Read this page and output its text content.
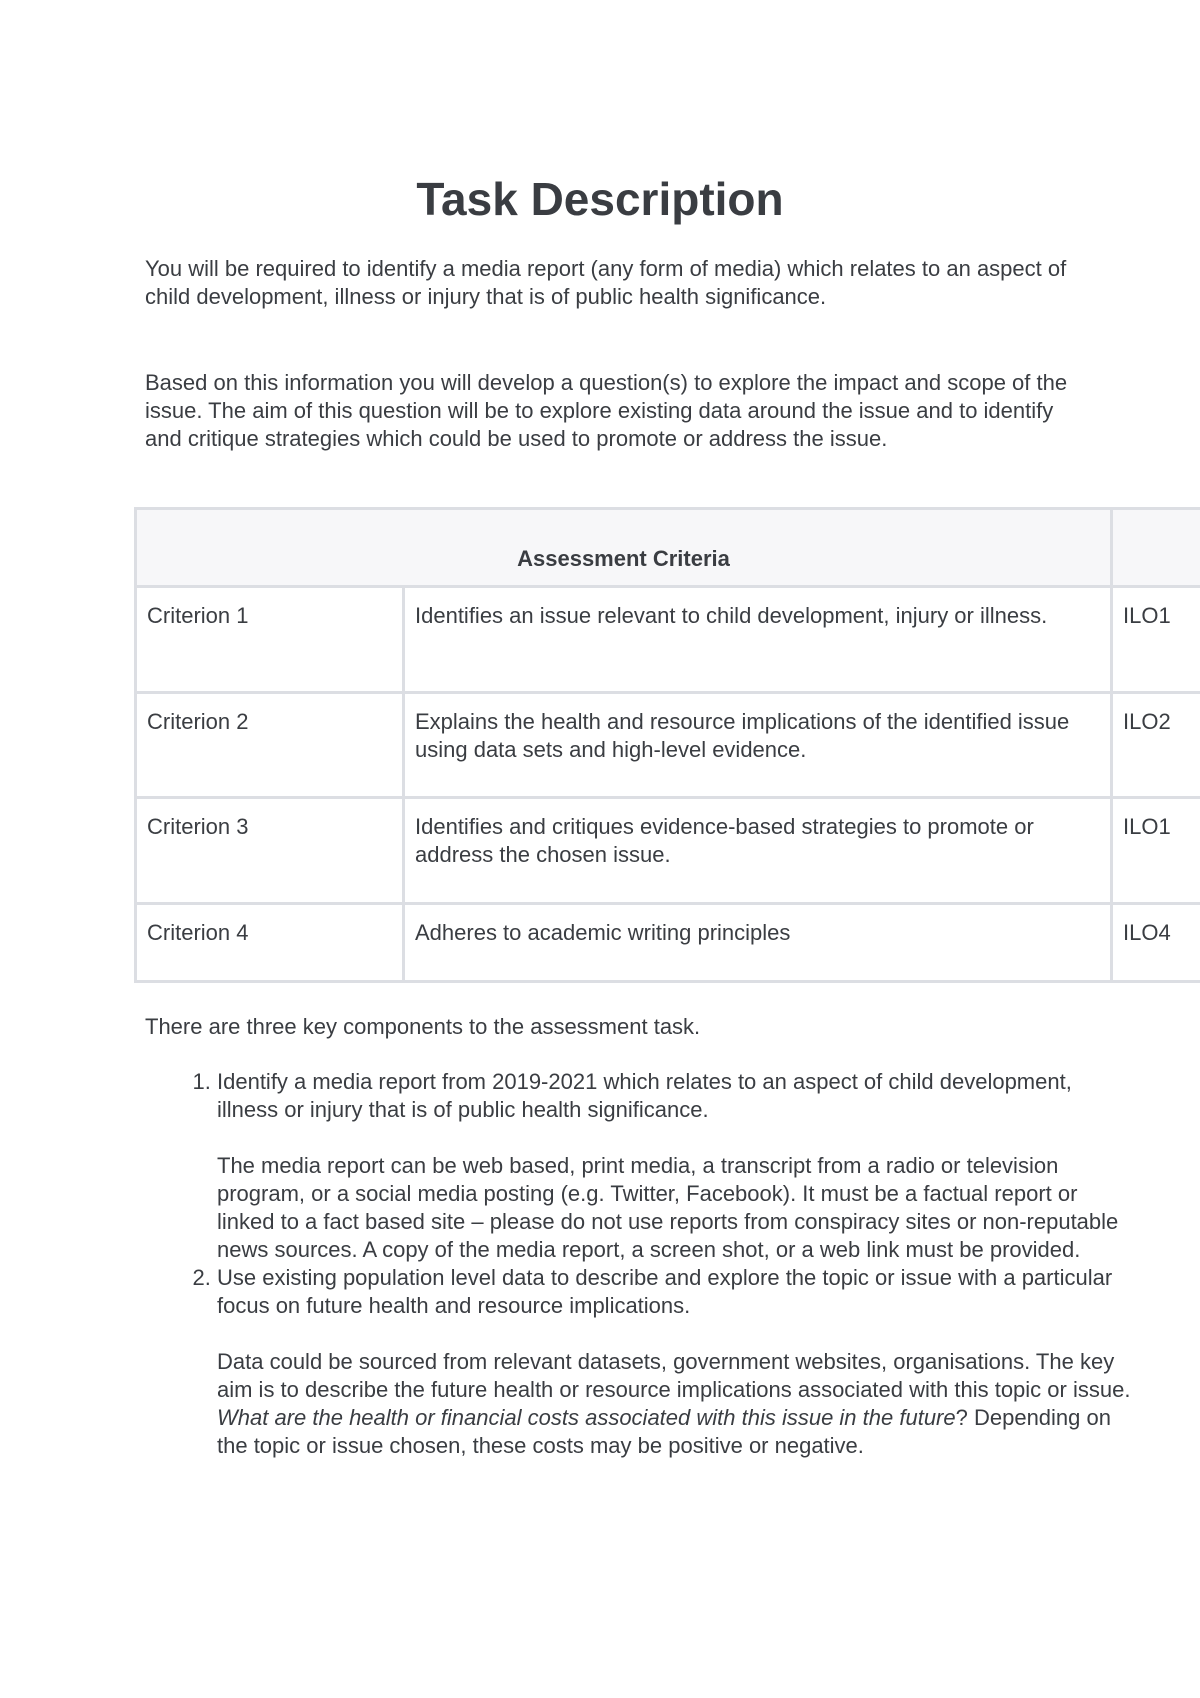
Task Description

You will be required to identify a media report (any form of media) which relates to an aspect of child development, illness or injury that is of public health significance.

Based on this information you will develop a question(s) to explore the impact and scope of the issue. The aim of this question will be to explore existing data around the issue and to identify and critique strategies which could be used to promote or address the issue.

Assessment Criteria		
Criterion 1	Identifies an issue relevant to child development, injury or illness.	ILO1
Criterion 2	Explains the health and resource implications of the identified issue using data sets and high-level evidence.	ILO2
Criterion 3	Identifies and critiques evidence-based strategies to promote or address the chosen issue.	ILO1
Criterion 4	Adheres to academic writing principles	ILO4

There are three key components to the assessment task.

1. Identify a media report from 2019-2021 which relates to an aspect of child development, illness or injury that is of public health significance.

The media report can be web based, print media, a transcript from a radio or television program, or a social media posting (e.g. Twitter, Facebook). It must be a factual report or linked to a fact based site – please do not use reports from conspiracy sites or non-reputable news sources. A copy of the media report, a screen shot, or a web link must be provided.

2. Use existing population level data to describe and explore the topic or issue with a particular focus on future health and resource implications.

Data could be sourced from relevant datasets, government websites, organisations. The key aim is to describe the future health or resource implications associated with this topic or issue. What are the health or financial costs associated with this issue in the future? Depending on the topic or issue chosen, these costs may be positive or negative.
